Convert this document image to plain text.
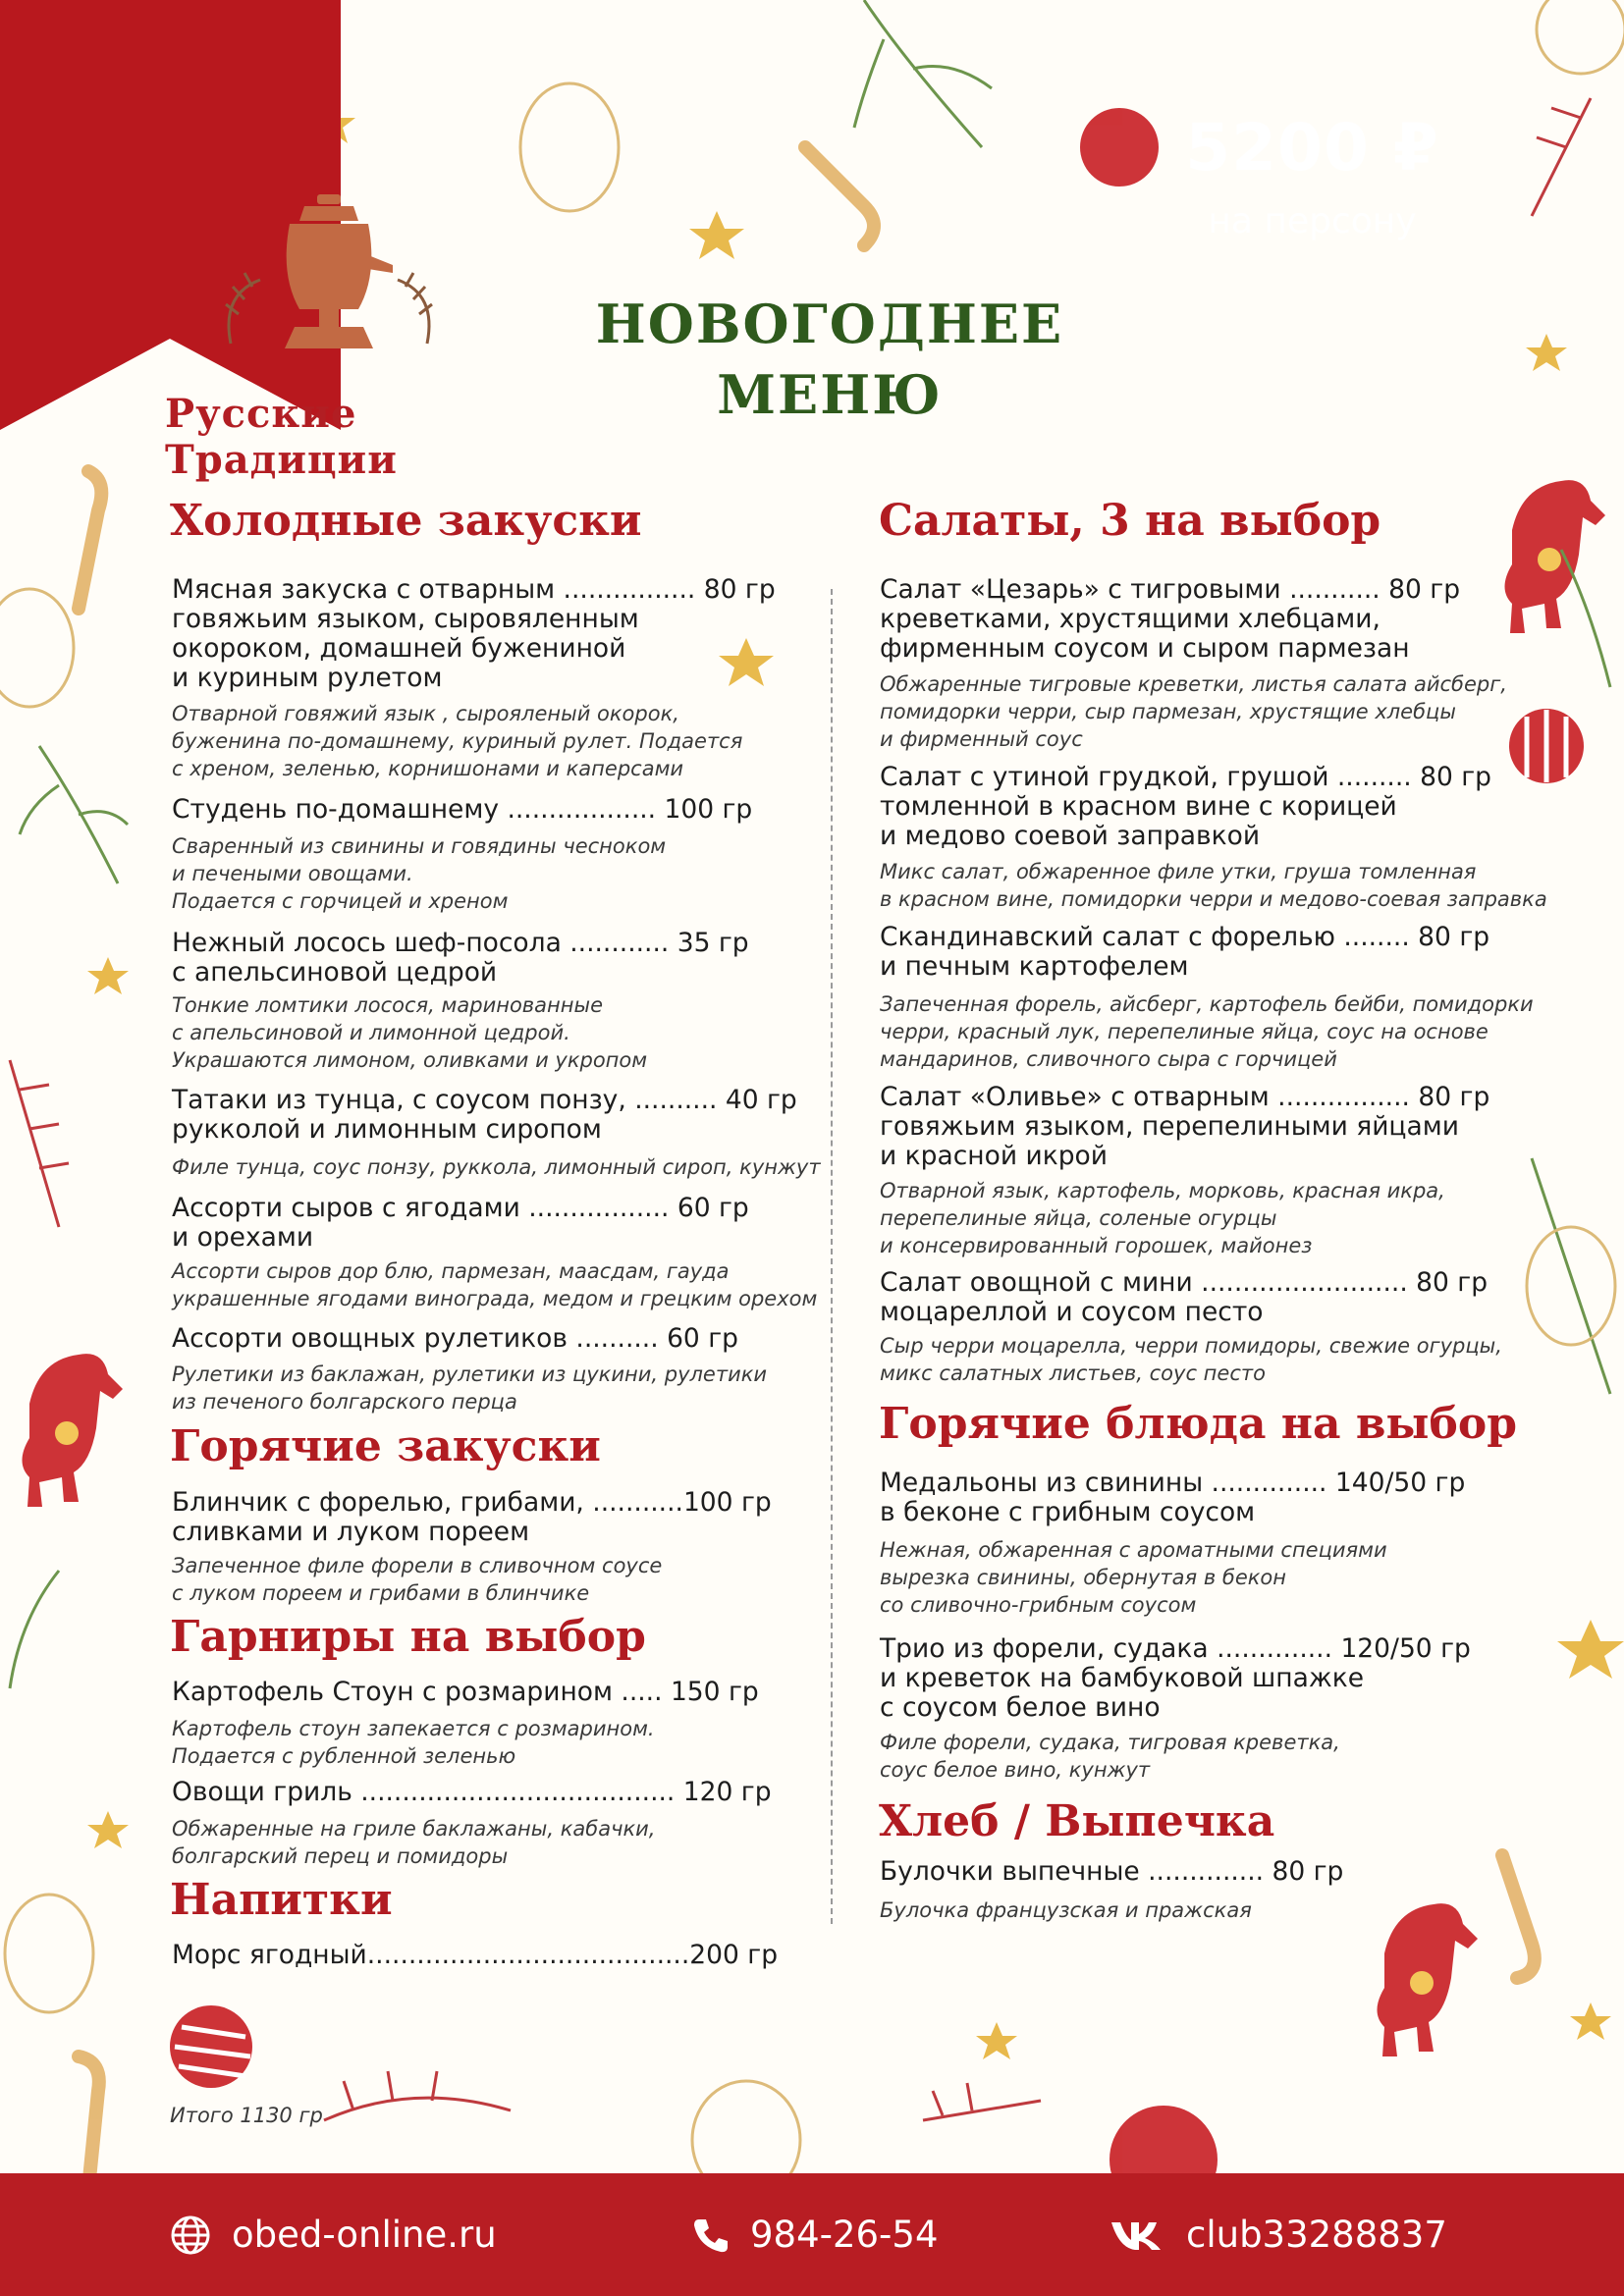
5200 ₽
на персону
Русские Традиции
НОВОГОДНЕЕ
МЕНЮ
Холодные закуски
Мясная закуска с отварным ................ 80 гр
говяжьим языком, сыровяленным
окороком, домашней бужениной
и куриным рулетом
Отварной говяжий язык , сырояленый окорок,
буженина по-домашнему, куриный рулет. Подается
с хреном, зеленью, корнишонами и каперсами
Студень по-домашнему .................. 100 гр
Сваренный из свинины и говядины чесноком
и печеными овощами.
Подается с горчицей и хреном
Нежный лосось шеф-посола ............ 35 гр
с апельсиновой цедрой
Тонкие ломтики лосося, маринованные
с апельсиновой и лимонной цедрой.
Украшаются лимоном, оливками и укропом
Татаки из тунца, с соусом понзу, .......... 40 гр
рукколой и лимонным сиропом
Филе тунца, соус понзу, руккола, лимонный сироп, кунжут
Ассорти сыров с ягодами ................. 60 гр
и орехами
Ассорти сыров дор блю, пармезан, маасдам, гауда
украшенные ягодами винограда, медом и грецким орехом
Ассорти овощных рулетиков .......... 60 гр
Рулетики из баклажан, рулетики из цукини, рулетики
из печеного болгарского перца
Горячие закуски
Блинчик с форелью, грибами, ...........100 гр
сливками и луком пореем
Запеченное филе форели в сливочном соусе
с луком пореем и грибами в блинчике
Гарниры на выбор
Картофель Стоун с розмарином ..... 150 гр
Картофель стоун запекается с розмарином.
Подается с рубленной зеленью
Овощи гриль ...................................... 120 гр
Обжаренные на гриле баклажаны, кабачки,
болгарский перец и помидоры
Напитки
Морс ягодный.......................................200 гр
Итого 1130 гр
Салаты, 3 на выбор
Салат «Цезарь» с тигровыми ........... 80 гр
креветками, хрустящими хлебцами,
фирменным соусом и сыром пармезан
Обжаренные тигровые креветки, листья салата айсберг,
помидорки черри, сыр пармезан, хрустящие хлебцы
и фирменный соус
Салат с утиной грудкой, грушой ......... 80 гр
томленной в красном вине с корицей
и медово соевой заправкой
Микс салат, обжаренное филе утки, груша томленная
в красном вине, помидорки черри и медово-соевая заправка
Скандинавский салат с форелью ........ 80 гр
и печным картофелем
Запеченная форель, айсберг, картофель бейби, помидорки
черри, красный лук, перепелиные яйца, соус на основе
мандаринов, сливочного сыра с горчицей
Салат «Оливье» с отварным ................ 80 гр
говяжьим языком, перепелиными яйцами
и красной икрой
Отварной язык, картофель, морковь, красная икра,
перепелиные яйца, соленые огурцы
и консервированный горошек, майонез
Салат овощной с мини ......................... 80 гр
моцареллой и соусом песто
Сыр черри моцарелла, черри помидоры, свежие огурцы,
микс салатных листьев, соус песто
Горячие блюда на выбор
Медальоны из свинины .............. 140/50 гр
в беконе с грибным соусом
Нежная, обжаренная с ароматными специями
вырезка свинины, обернутая в бекон
со сливочно-грибным соусом
Трио из форели, судака .............. 120/50 гр
и креветок на бамбуковой шпажке
с соусом белое вино
Филе форели, судака, тигровая креветка,
соус белое вино, кунжут
Хлеб / Выпечка
Булочки выпечные .............. 80 гр
Булочка французская и пражская
obed-online.ru	984-26-54	club33288837
